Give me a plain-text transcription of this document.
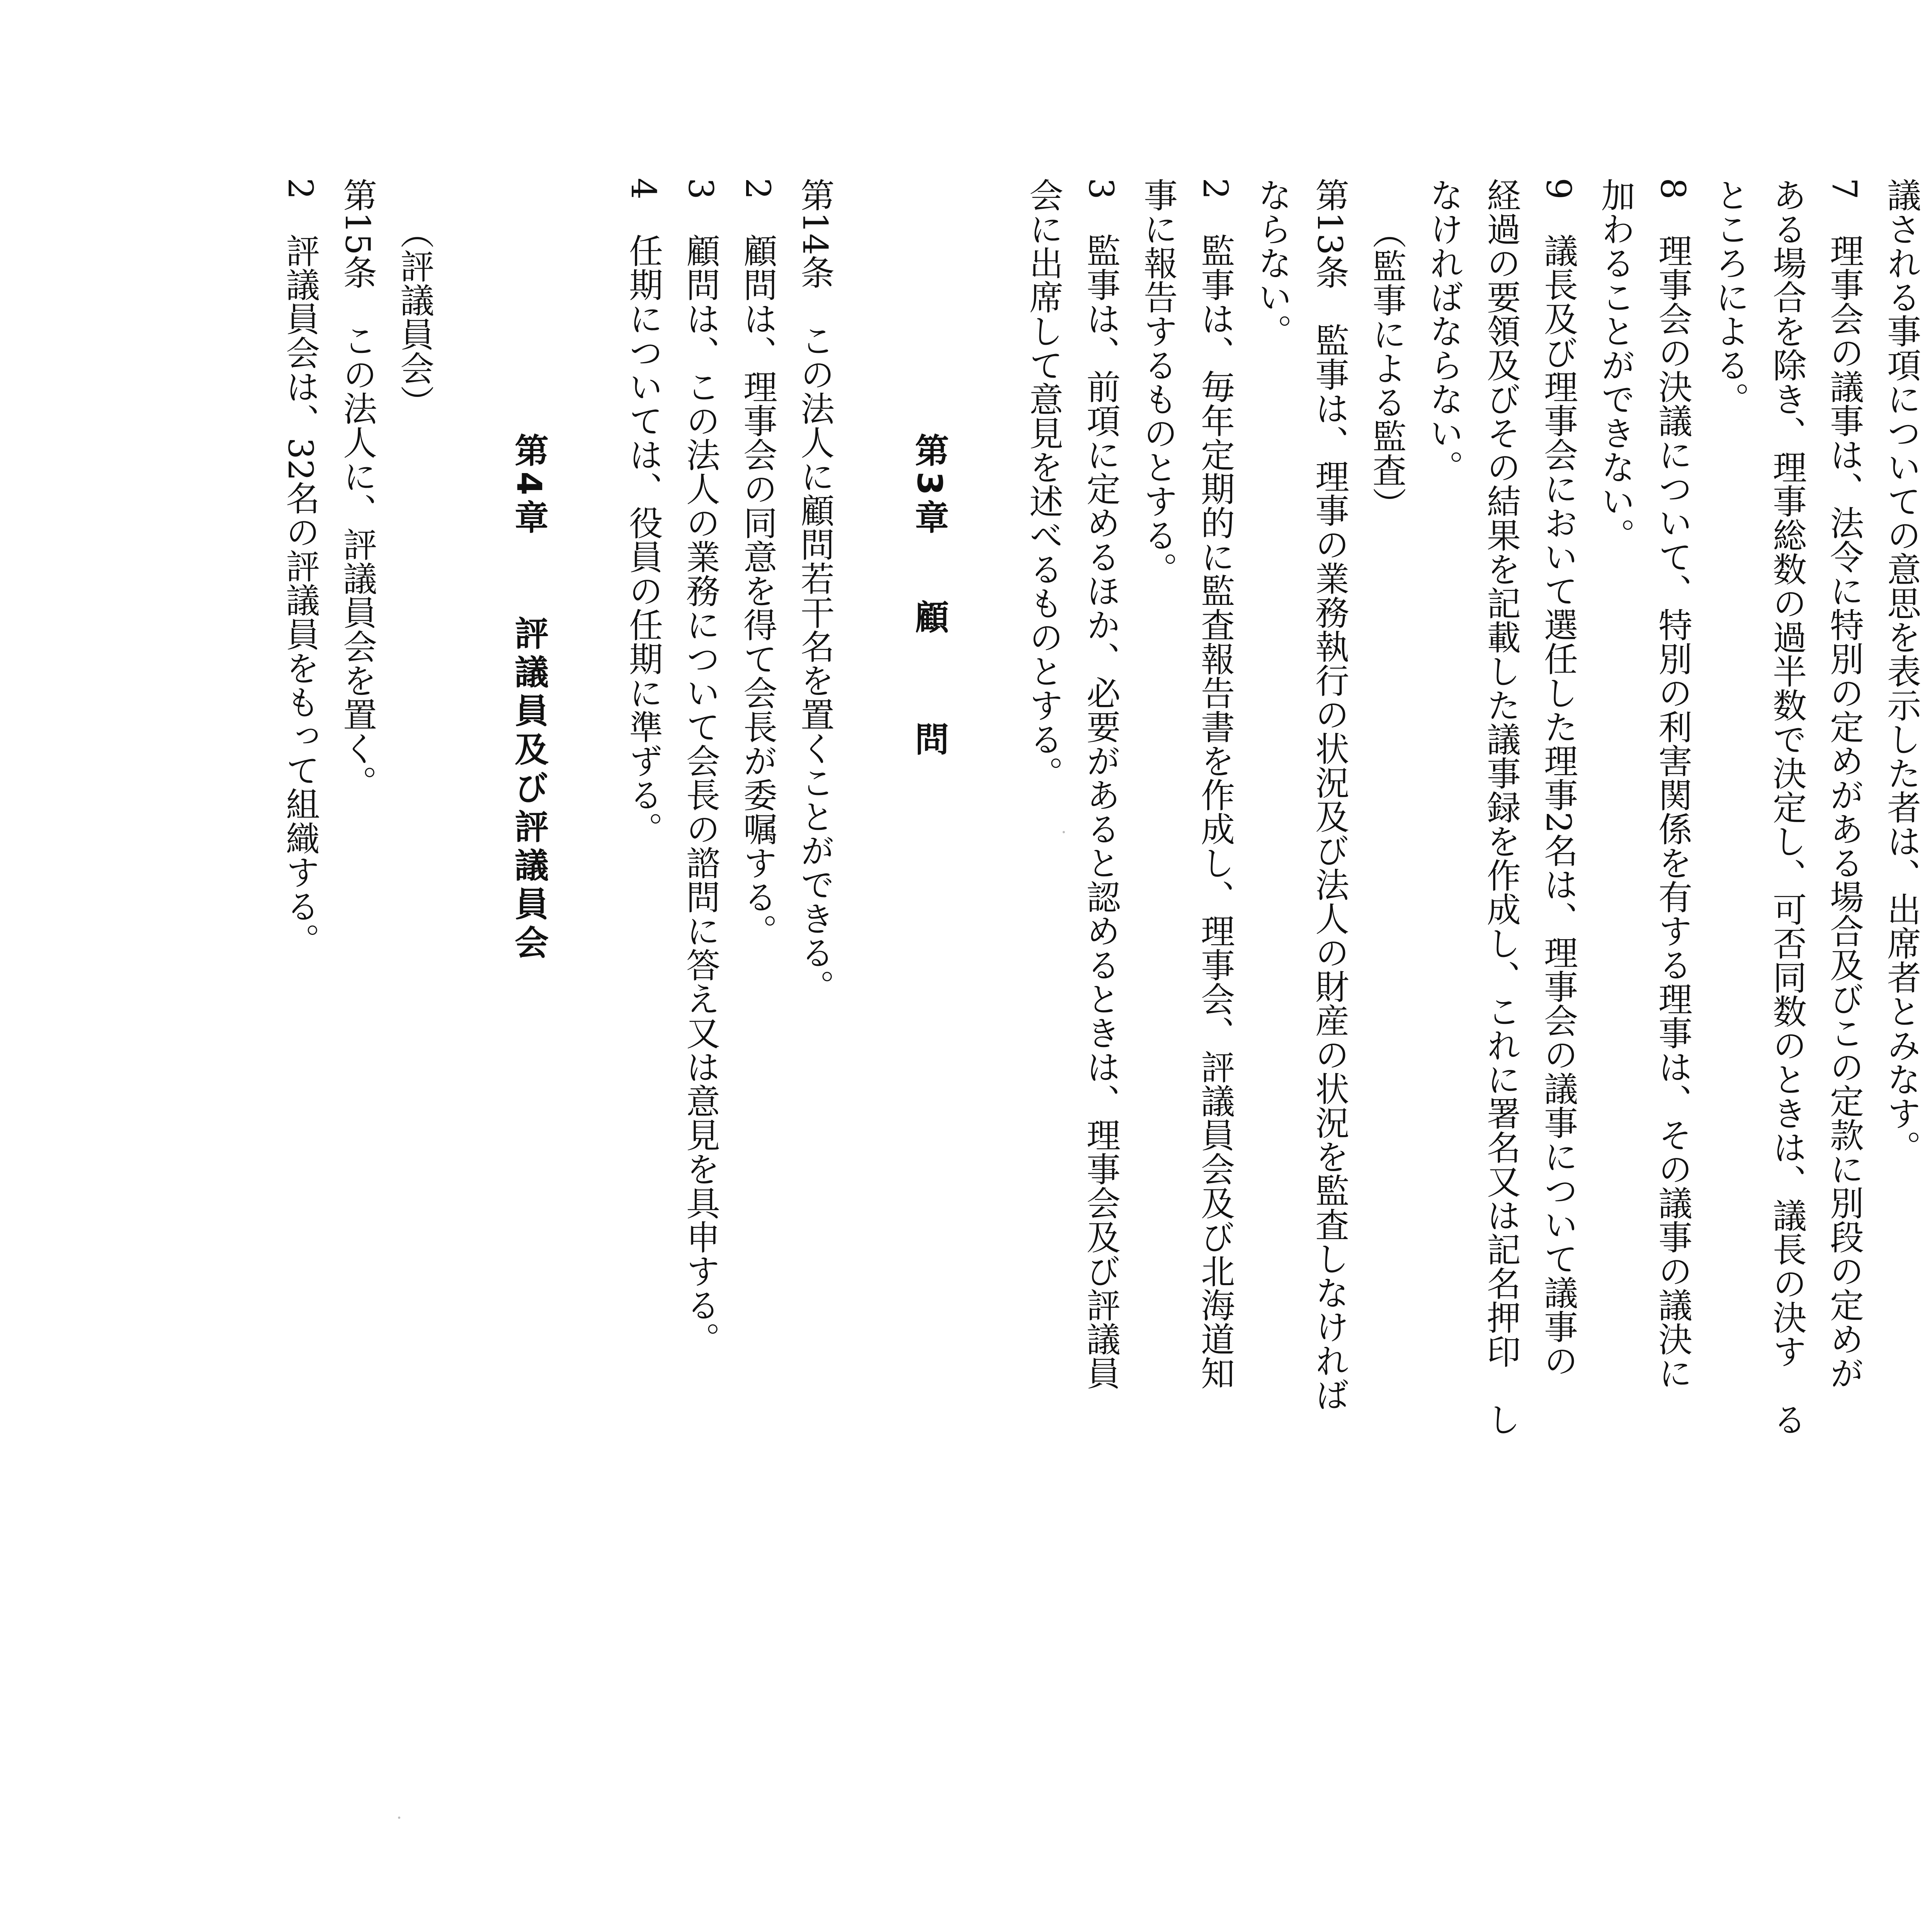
議される事項についての意思を表示した者は、出席者とみなす。
7　理事会の議事は、法令に特別の定めがある場合及びこの定款に別段の定めが
ある場合を除き、理事総数の過半数で決定し、可否同数のときは、議長の決す　る
ところによる。
8　理事会の決議について、特別の利害関係を有する理事は、その議事の議決に
加わることができない。
9　議長及び理事会において選任した理事2名は、理事会の議事について議事の
経過の要領及びその結果を記載した議事録を作成し、これに署名又は記名押印　し
なければならない。
（監事による監査）
第13条　監事は、理事の業務執行の状況及び法人の財産の状況を監査しなければ
ならない。
2　監事は、毎年定期的に監査報告書を作成し、理事会、評議員会及び北海道知
事に報告するものとする。
3　監事は、前項に定めるほか、必要があると認めるときは、理事会及び評議員
会に出席して意見を述べるものとする。
第3章　顧　問
第14条　この法人に顧問若干名を置くことができる。
2　顧問は、理事会の同意を得て会長が委嘱する。
3　顧問は、この法人の業務について会長の諮問に答え又は意見を具申する。
4　任期については、役員の任期に準ずる。
第4章　　評議員及び評議員会
（評議員会）
第15条　この法人に、評議員会を置く。
2　評議員会は、32名の評議員をもって組織する。
